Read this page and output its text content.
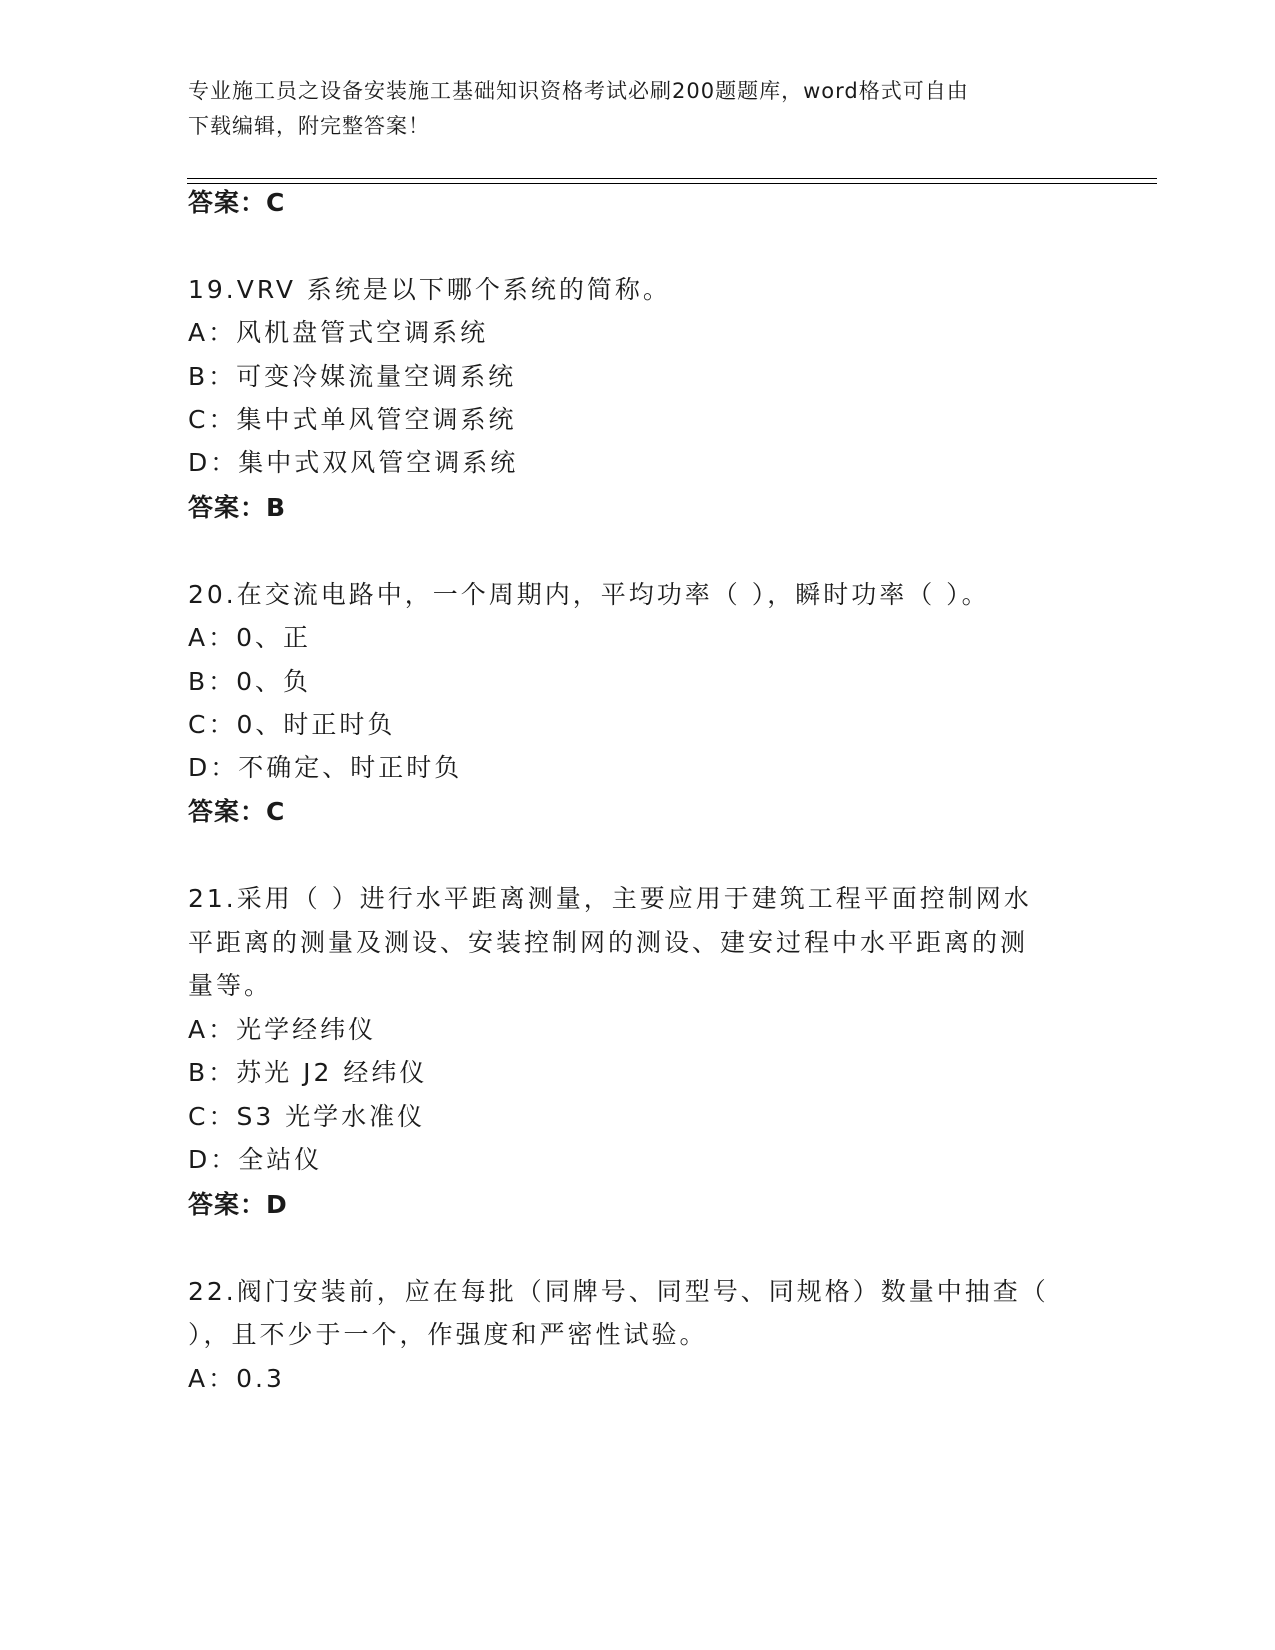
专业施工员之设备安装施工基础知识资格考试必刷200题题库，word格式可自由
下载编辑，附完整答案！
答案：C
19.VRV 系统是以下哪个系统的简称。
A：风机盘管式空调系统
B：可变冷媒流量空调系统
C：集中式单风管空调系统
D：集中式双风管空调系统
答案：B
20.在交流电路中，一个周期内，平均功率（ ），瞬时功率（ ）。
A：0、正
B：0、负
C：0、时正时负
D：不确定、时正时负
答案：C
21.采用（ ）进行水平距离测量，主要应用于建筑工程平面控制网水
平距离的测量及测设、安装控制网的测设、建安过程中水平距离的测
量等。
A：光学经纬仪
B：苏光 J2 经纬仪
C：S3 光学水准仪
D：全站仪
答案：D
22.阀门安装前，应在每批（同牌号、同型号、同规格）数量中抽查（
），且不少于一个，作强度和严密性试验。
A：0.3
